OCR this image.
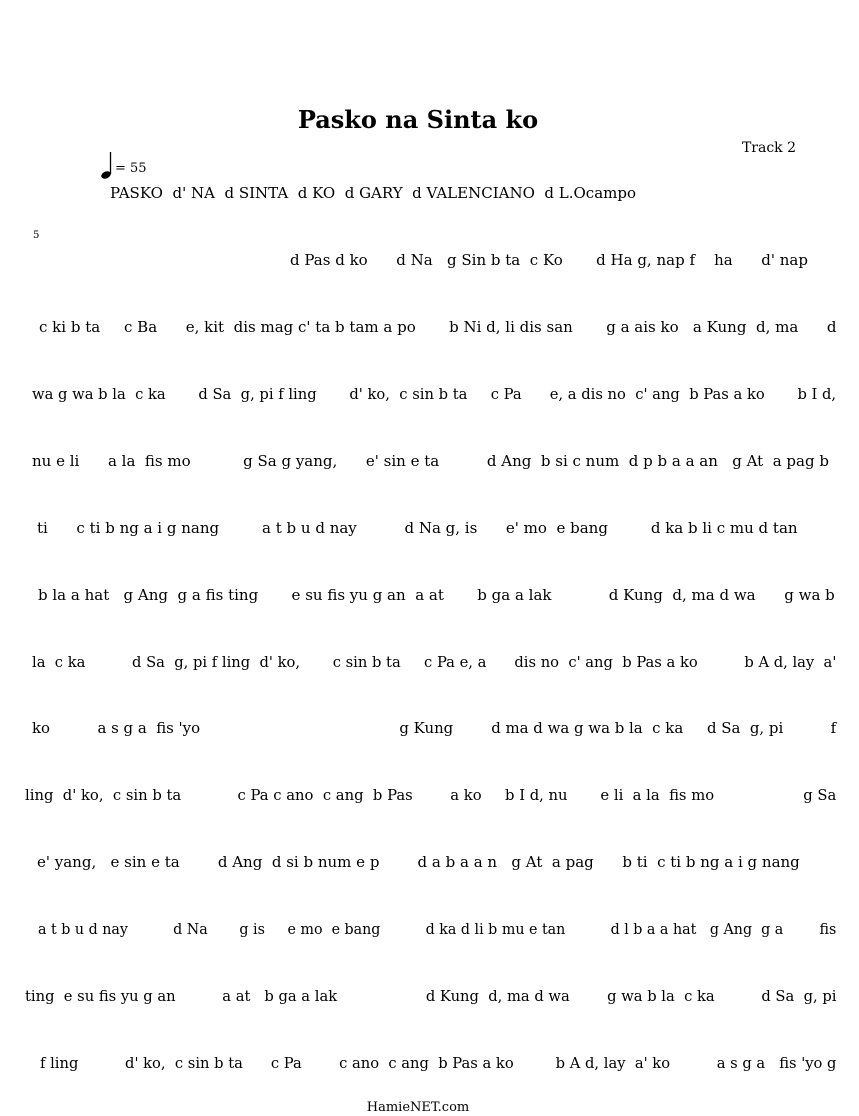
Pasko na Sinta ko
Track 2
= 55
PASKO  d' NA  d SINTA  d KO  d GARY  d VALENCIANO  d L.Ocampo
5
d Pas d ko      d Na   g Sin b ta  c Ko       d Ha g, nap f    ha      d' nap
c ki b ta     c Ba      e, kit  dis mag c' ta b tam a po       b Ni d, li dis san       g a ais ko   a Kung  d, ma      d
wa g wa b la  c ka       d Sa  g, pi f ling       d' ko,  c sin b ta     c Pa      e, a dis no  c' ang  b Pas a ko       b I d,
nu e li      a la  fis mo           g Sa g yang,      e' sin e ta          d Ang  b si c num  d p b a a an   g At  a pag b
ti      c ti b ng a i g nang         a t b u d nay          d Na g, is      e' mo  e bang         d ka b li c mu d tan
b la a hat   g Ang  g a fis ting       e su fis yu g an  a at       b ga a lak            d Kung  d, ma d wa      g wa b
la  c ka          d Sa  g, pi f ling  d' ko,       c sin b ta     c Pa e, a      dis no  c' ang  b Pas a ko          b A d, lay  a'
ko          a s g a  fis 'yo                                          g Kung        d ma d wa g wa b la  c ka     d Sa  g, pi          f
ling  d' ko,  c sin b ta            c Pa c ano  c ang  b Pas        a ko     b I d, nu       e li  a la  fis mo                   g Sa
e' yang,   e sin e ta        d Ang  d si b num e p        d a b a a n   g At  a pag      b ti  c ti b ng a i g nang
a t b u d nay          d Na       g is     e mo  e bang          d ka d li b mu e tan          d l b a a hat   g Ang  g a        fis
ting  e su fis yu g an          a at   b ga a lak                   d Kung  d, ma d wa        g wa b la  c ka          d Sa  g, pi
f ling          d' ko,  c sin b ta      c Pa        c ano  c ang  b Pas a ko         b A d, lay  a' ko          a s g a   fis 'yo g
HamieNET.com
